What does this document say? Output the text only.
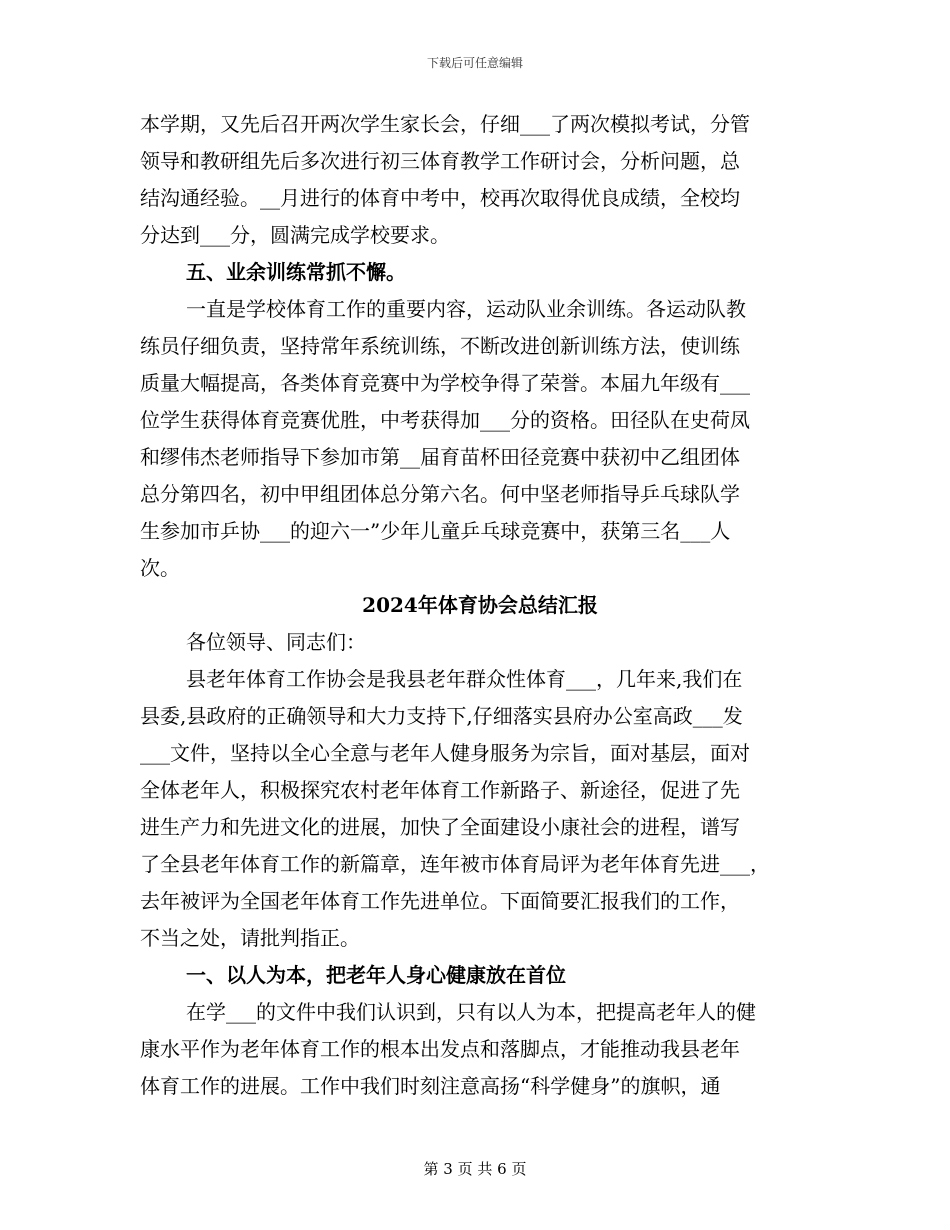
下载后可任意编辑
本学期，又先后召开两次学生家长会，仔细___了两次模拟考试，分管
领导和教研组先后多次进行初三体育教学工作研讨会，分析问题，总
结沟通经验。__月进行的体育中考中，校再次取得优良成绩，全校均
分达到___分，圆满完成学校要求。
五、业余训练常抓不懈。
一直是学校体育工作的重要内容，运动队业余训练。各运动队教
练员仔细负责，坚持常年系统训练，不断改进创新训练方法，使训练
质量大幅提高，各类体育竞赛中为学校争得了荣誉。本届九年级有___
位学生获得体育竞赛优胜，中考获得加___分的资格。田径队在史荷凤
和缪伟杰老师指导下参加市第__届育苗杯田径竞赛中获初中乙组团体
总分第四名，初中甲组团体总分第六名。何中坚老师指导乒乓球队学
生参加市乒协___的迎六一”少年儿童乒乓球竞赛中，获第三名___人
次。
2024年体育协会总结汇报
各位领导、同志们：
县老年体育工作协会是我县老年群众性体育___，几年来,我们在
县委,县政府的正确领导和大力支持下,仔细落实县府办公室高政___发
___文件，坚持以全心全意与老年人健身服务为宗旨，面对基层，面对
全体老年人，积极探究农村老年体育工作新路子、新途径，促进了先
进生产力和先进文化的进展，加快了全面建设小康社会的进程，谱写
了全县老年体育工作的新篇章，连年被市体育局评为老年体育先进___，
去年被评为全国老年体育工作先进单位。下面简要汇报我们的工作，
不当之处，请批判指正。
一、以人为本，把老年人身心健康放在首位
在学___的文件中我们认识到，只有以人为本，把提高老年人的健
康水平作为老年体育工作的根本出发点和落脚点，才能推动我县老年
体育工作的进展。工作中我们时刻注意高扬“科学健身”的旗帜，通
第 3 页 共 6 页
